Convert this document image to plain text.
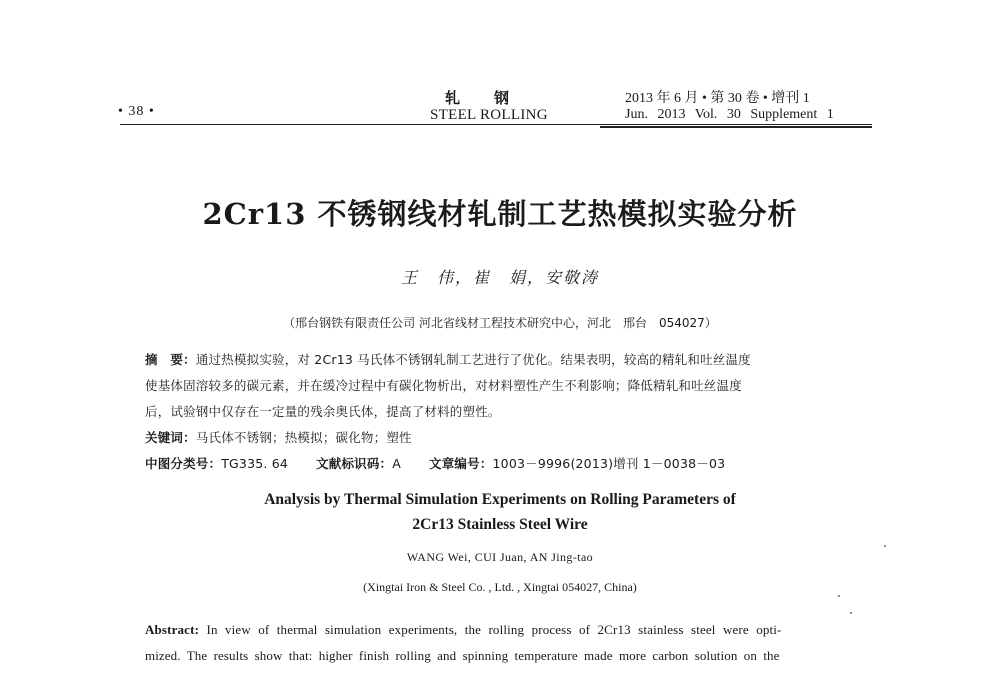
• 38 •
轧钢
STEEL ROLLING
2013 年 6 月 • 第 30 卷 • 增刊 1
Jun. 2013 Vol. 30 Supplement 1
2Cr13 不锈钢线材轧制工艺热模拟实验分析
王　伟，崔　娟，安敬涛
（邢台钢铁有限责任公司 河北省线材工程技术研究中心，河北　邢台　054027）
摘　要：通过热模拟实验，对 2Cr13 马氏体不锈钢轧制工艺进行了优化。结果表明，较高的精轧和吐丝温度
使基体固溶较多的碳元素，并在缓冷过程中有碳化物析出，对材料塑性产生不利影响；降低精轧和吐丝温度
后，试验钢中仅存在一定量的残余奥氏体，提高了材料的塑性。
关键词：马氏体不锈钢；热模拟；碳化物；塑性
中图分类号：TG335. 64 文献标识码：A 文章编号：1003－9996(2013)增刊 1－0038－03
Analysis by Thermal Simulation Experiments on Rolling Parameters of
2Cr13 Stainless Steel Wire
WANG Wei, CUI Juan, AN Jing-tao
(Xingtai Iron & Steel Co. , Ltd. , Xingtai 054027, China)
Abstract: In view of thermal simulation experiments, the rolling process of 2Cr13 stainless steel were opti-
mized. The results show that: higher finish rolling and spinning temperature made more carbon solution on the
